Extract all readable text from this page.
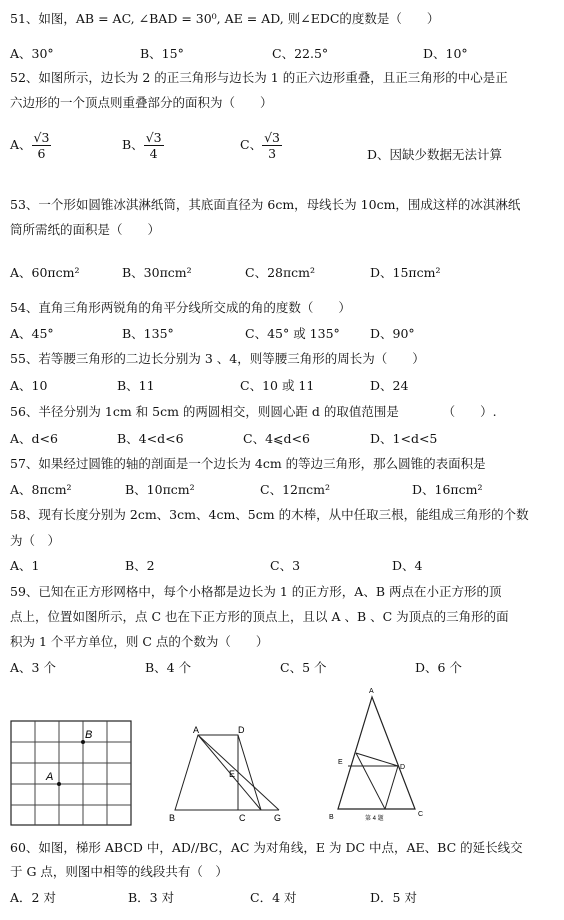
51、如图，AB = AC, ∠BAD = 30⁰, AE = AD, 则∠EDC的度数是（　　）
A、30°	B、15°	C、22.5°	D、10°
52、如图所示，边长为 2 的正三角形与边长为 1 的正六边形重叠，且正三角形的中心是正
六边形的一个顶点则重叠部分的面积为（　　）
A、 $\frac{√3}{6}$	B、 $\frac{√3}{4}$	C、 $\frac{√3}{3}$	D、因缺少数据无法计算
53、一个形如圆锥冰淇淋纸筒，其底面直径为 6cm，母线长为 10cm，围成这样的冰淇淋纸
筒所需纸的面积是（　　）
A、60πcm²	B、30πcm²	C、28πcm²	D、15πcm²
54、直角三角形两锐角的角平分线所交成的角的度数（　　）
A、45°	B、135°	C、45° 或 135° D、90°
55、若等腰三角形的二边长分别为 3 、4，则等腰三角形的周长为（　　）
A、10	B、11	C、10 或 11	D、24
56、半径分别为 1cm 和 5cm 的两圆相交，则圆心距 d 的取值范围是　　　　（　　）.
A、d<6	B、4<d<6	C、4⩽d<6	D、1<d<5
57、如果经过圆锥的轴的剖面是一个边长为 4cm 的等边三角形，那么圆锥的表面积是
A、8πcm²	B、10πcm²	C、12πcm²	D、16πcm²
58、现有长度分别为 2cm、3cm、4cm、5cm 的木棒，从中任取三根，能组成三角形的个数
为（　）
A、1	B、2	C、3	D、4
59、已知在正方形网格中，每个小格都是边长为 1 的正方形，A、B 两点在小正方形的顶
点上，位置如图所示，点 C 也在下正方形的顶点上，且以 A 、B 、C 为顶点的三角形的面
积为 1 个平方单位，则 C 点的个数为（　　）
A、3 个	B、4 个	C、5 个	D、6 个
A
B	A	D
E
B	C	G
A
E
D
B	C
第 4 题
60、如图，梯形 ABCD 中，AD//BC，AC 为对角线，E 为 DC 中点，AE、BC 的延长线交
于 G 点，则图中相等的线段共有（　）
A．2 对	B．3 对	C．4 对	D．5 对
